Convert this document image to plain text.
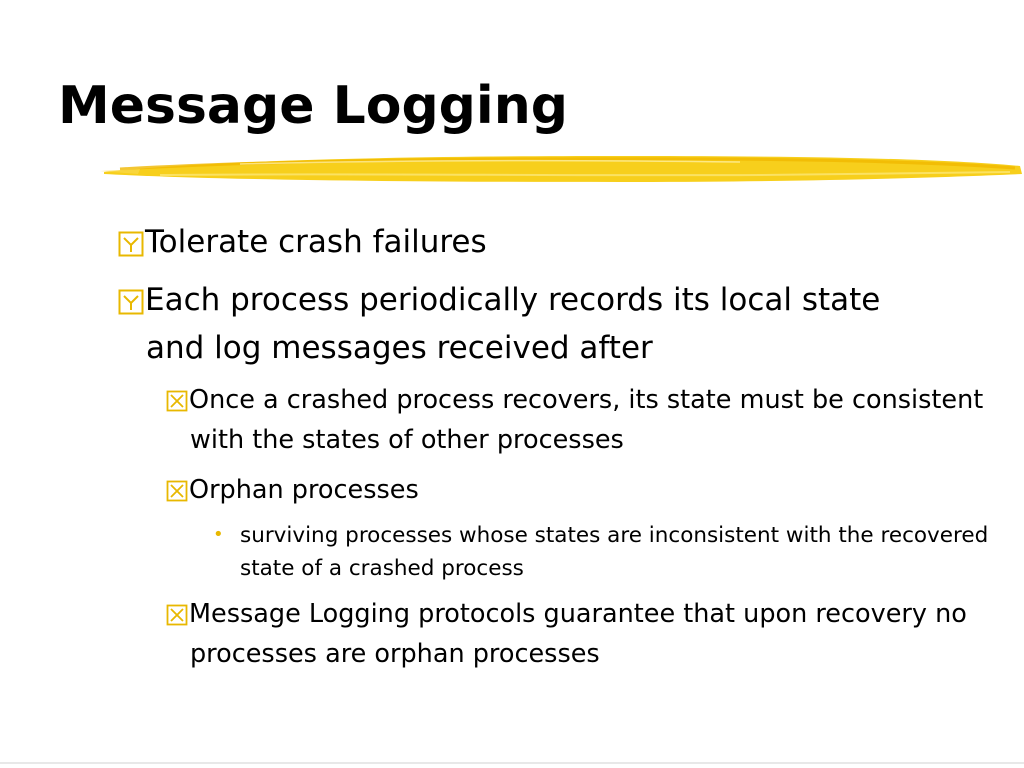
Message Logging

Tolerate crash failures

Each process periodically records its local state and log messages received after

Once a crashed process recovers, its state must be consistent with the states of other processes

Orphan processes

• surviving processes whose states are inconsistent with the recovered state of a crashed process

Message Logging protocols guarantee that upon recovery no processes are orphan processes
